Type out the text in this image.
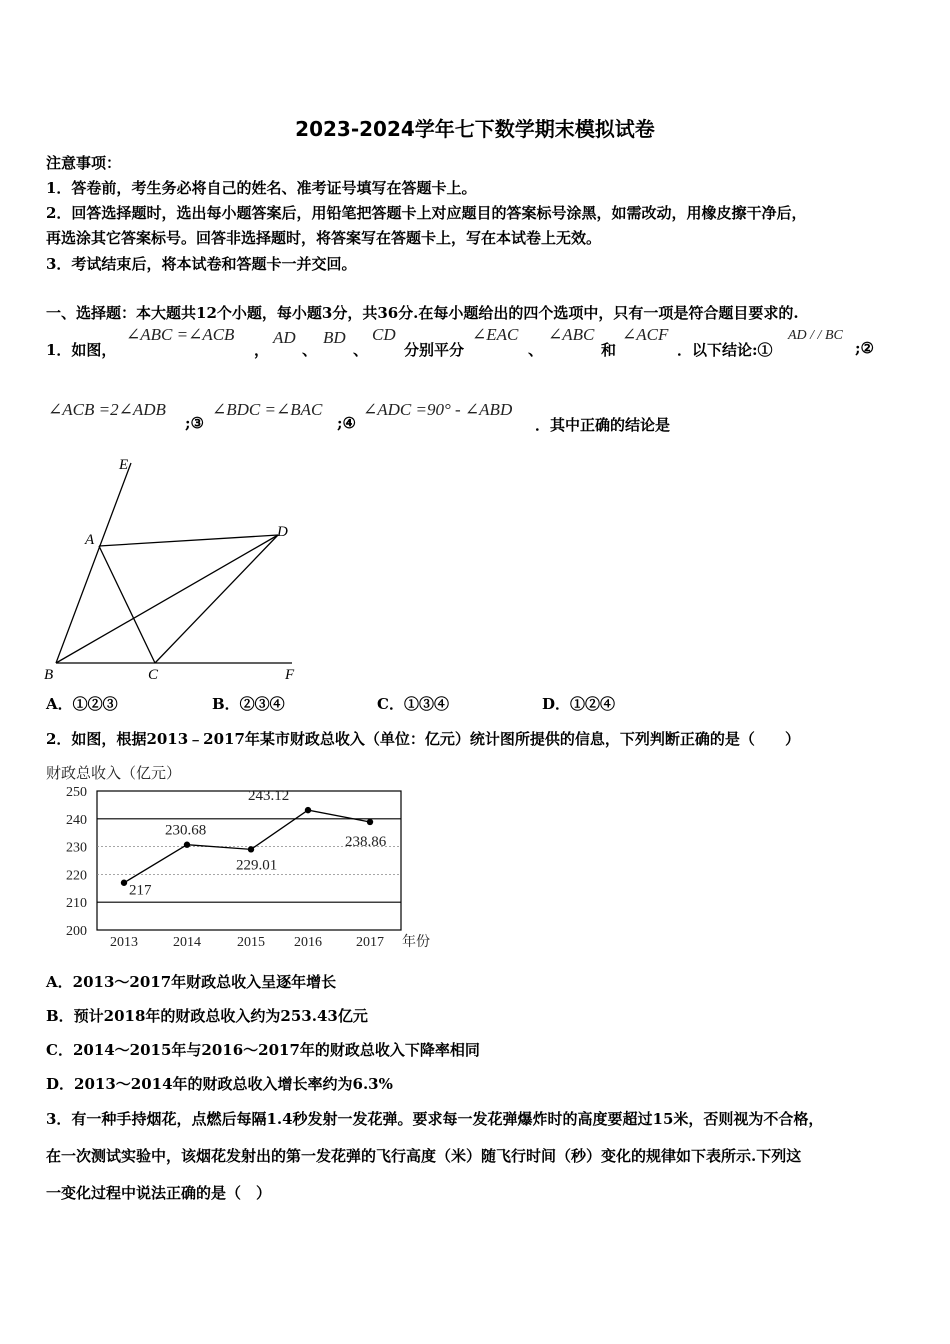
2023-2024学年七下数学期末模拟试卷
注意事项：
1．答卷前，考生务必将自己的姓名、准考证号填写在答题卡上。
2．回答选择题时，选出每小题答案后，用铅笔把答题卡上对应题目的答案标号涂黑，如需改动，用橡皮擦干净后，
再选涂其它答案标号。回答非选择题时，将答案写在答题卡上，写在本试卷上无效。
3．考试结束后，将本试卷和答题卡一并交回。
一、选择题：本大题共12个小题，每小题3分，共36分.在每小题给出的四个选项中，只有一项是符合题目要求的.
1．如图，
∠ABC =∠ACB
，
AD
、
BD
、
CD
分别平分
∠EAC
、
∠ABC
和
∠ACF
．以下结论:①
AD / / BC
;②
∠ACB =2∠ADB
;③
∠BDC =∠BAC
;④
∠ADC =90° - ∠ABD
．其中正确的结论是
E
A	D
B	C	F
A．①②③	B．②③④	C．①③④	D．①②④
2．如图，根据2013﹣2017年某市财政总收入（单位：亿元）统计图所提供的信息，下列判断正确的是（　　）
财政总收入（亿元）
200
210
220
230
240
250
2013	2014	2015 2016 2017
217
230.68
229.01
243.12
238.86
年份
A．2013～2017年财政总收入呈逐年增长
B．预计2018年的财政总收入约为253.43亿元
C．2014～2015年与2016～2017年的财政总收入下降率相同
D．2013～2014年的财政总收入增长率约为6.3%
3．有一种手持烟花，点燃后每隔1.4秒发射一发花弹。要求每一发花弹爆炸时的高度要超过15米，否则视为不合格，
在一次测试实验中，该烟花发射出的第一发花弹的飞行高度（米）随飞行时间（秒）变化的规律如下表所示.下列这
一变化过程中说法正确的是（　）
